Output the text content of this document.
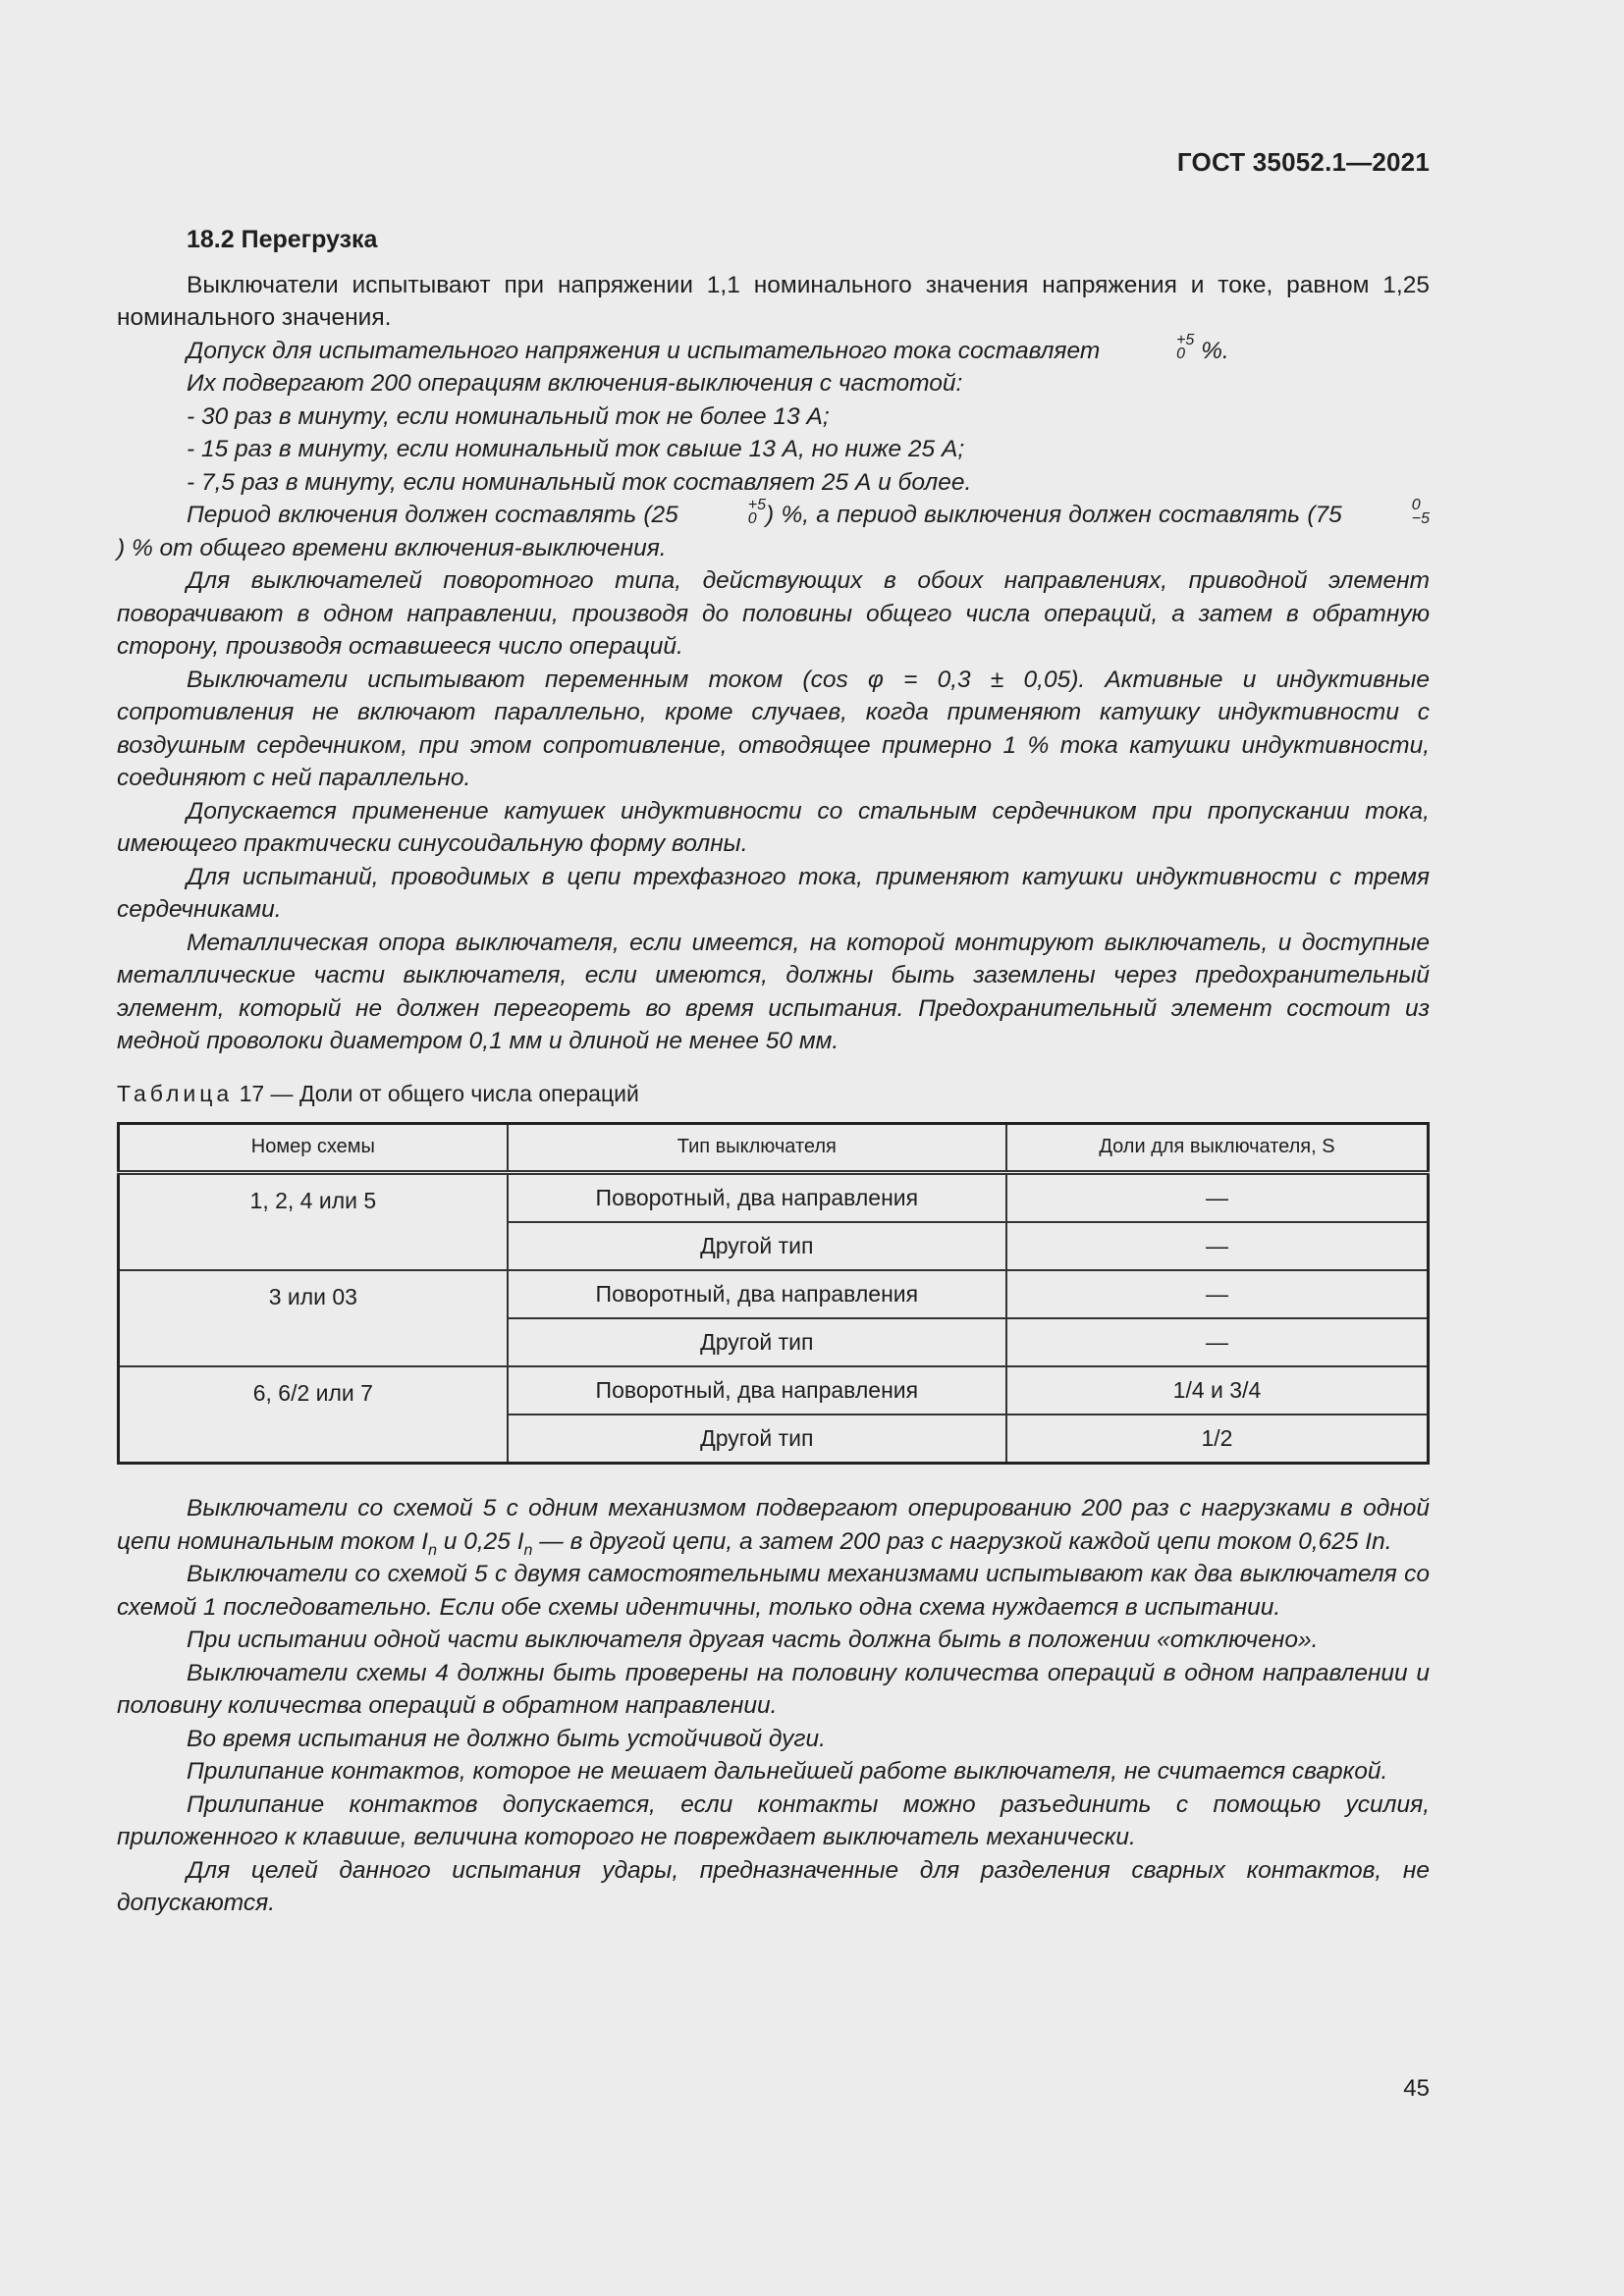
ГОСТ 35052.1—2021
18.2 Перегрузка

Выключатели испытывают при напряжении 1,1 номинального значения напряжения и токе, равном 1,25 номинального значения.

Допуск для испытательного напряжения и испытательного тока составляет	+5
0 %.

Их подвергают 200 операциям включения-выключения с частотой:

- 30 раз в минуту, если номинальный ток не более 13 А;

- 15 раз в минуту, если номинальный ток свыше 13 А, но ниже 25 А;

- 7,5 раз в минуту, если номинальный ток составляет 25 А и более.

Период включения должен составлять (25	+5
0 ) %, а период выключения должен составлять (75	0
−5
) % от общего времени включения-выключения.

Для выключателей поворотного типа, действующих в обоих направлениях, приводной элемент поворачивают в одном направлении, производя до половины общего числа операций, а затем в обратную сторону, производя оставшееся число операций.

Выключатели испытывают переменным током (cos φ = 0,3 ± 0,05). Активные и индуктивные сопротивления не включают параллельно, кроме случаев, когда применяют катушку индуктивности с воздушным сердечником, при этом сопротивление, отводящее примерно 1 % тока катушки индуктивности, соединяют с ней параллельно.

Допускается применение катушек индуктивности со стальным сердечником при пропускании тока, имеющего практически синусоидальную форму волны.

Для испытаний, проводимых в цепи трехфазного тока, применяют катушки индуктивности с тремя сердечниками.

Металлическая опора выключателя, если имеется, на которой монтируют выключатель, и доступные металлические части выключателя, если имеются, должны быть заземлены через предохранительный элемент, который не должен перегореть во время испытания. Предохранительный элемент состоит из медной проволоки диаметром 0,1 мм и длиной не менее 50 мм.

Таблица 17 — Доли от общего числа операций
Номер схемы	Тип выключателя	Доли для выключателя, S
1, 2, 4 или 5	Поворотный, два направления	—
	Другой тип	—
3 или 03	Поворотный, два направления	—
	Другой тип	—
6, 6/2 или 7	Поворотный, два направления	1/4 и 3/4
	Другой тип	1/2

Выключатели со схемой 5 с одним механизмом подвергают оперированию 200 раз с нагрузками в одной цепи номинальным током $I_n$ и 0,25 $I_n$ — в другой цепи, а затем 200 раз с нагрузкой каждой цепи током 0,625 In.

Выключатели со схемой 5 с двумя самостоятельными механизмами испытывают как два выключателя со схемой 1 последовательно. Если обе схемы идентичны, только одна схема нуждается в испытании.

При испытании одной части выключателя другая часть должна быть в положении «отключено».

Выключатели схемы 4 должны быть проверены на половину количества операций в одном направлении и половину количества операций в обратном направлении.

Во время испытания не должно быть устойчивой дуги.

Прилипание контактов, которое не мешает дальнейшей работе выключателя, не считается сваркой.

Прилипание контактов допускается, если контакты можно разъединить с помощью усилия, приложенного к клавише, величина которого не повреждает выключатель механически.

Для целей данного испытания удары, предназначенные для разделения сварных контактов, не допускаются.

45
